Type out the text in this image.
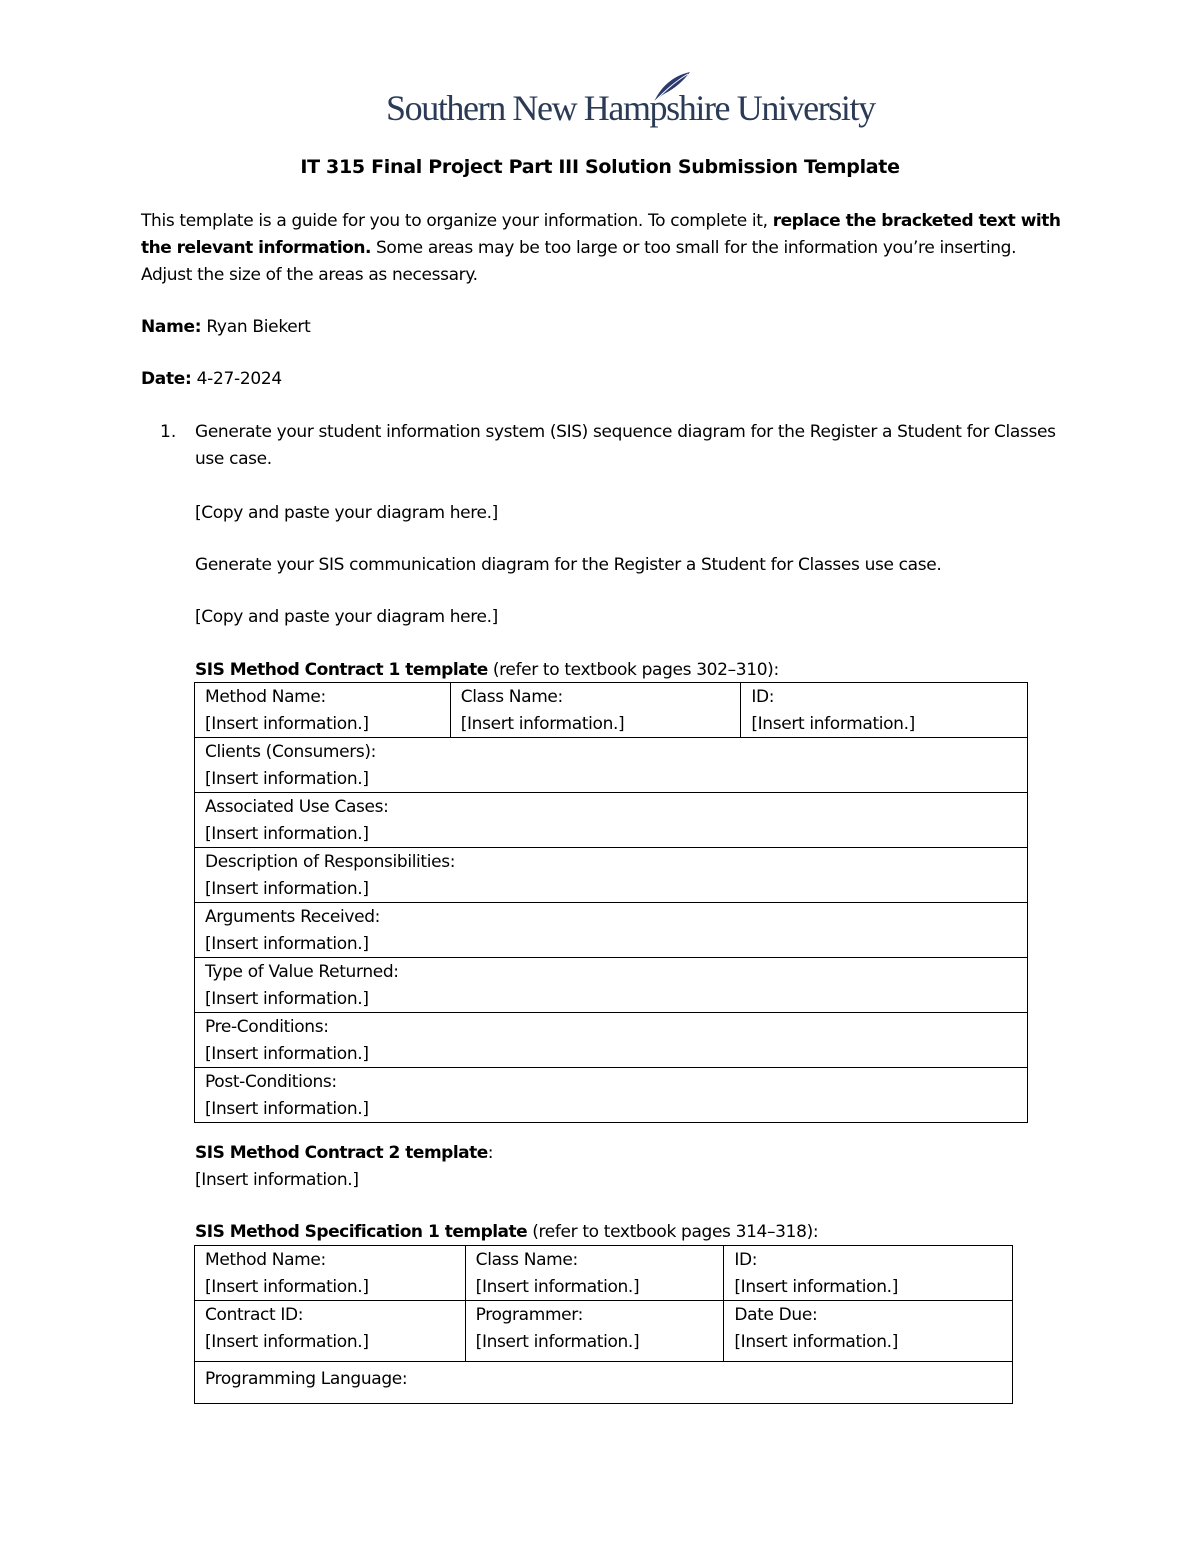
Southern New Hampshire University
IT 315 Final Project Part III Solution Submission Template
This template is a guide for you to organize your information. To complete it, replace the bracketed text with the relevant information. Some areas may be too large or too small for the information you’re inserting. Adjust the size of the areas as necessary.
Name: Ryan Biekert
Date: 4-27-2024
1. Generate your student information system (SIS) sequence diagram for the Register a Student for Classes use case.
[Copy and paste your diagram here.]
Generate your SIS communication diagram for the Register a Student for Classes use case.
[Copy and paste your diagram here.]
SIS Method Contract 1 template (refer to textbook pages 302–310):
Method Name:
[Insert information.]

Class Name:
[Insert information.]

ID:
[Insert information.]

Clients (Consumers):
[Insert information.]

Associated Use Cases:
[Insert information.]

Description of Responsibilities:
[Insert information.]

Arguments Received:
[Insert information.]

Type of Value Returned:
[Insert information.]

Pre-Conditions:
[Insert information.]

Post-Conditions:
[Insert information.]
SIS Method Contract 2 template:
[Insert information.]
SIS Method Specification 1 template (refer to textbook pages 314–318):
Method Name:
[Insert information.]	Class Name:
[Insert information.]	ID:
[Insert information.]

Contract ID:
[Insert information.]	Programmer:
[Insert information.]	Date Due:
[Insert information.]

Programming Language:		
